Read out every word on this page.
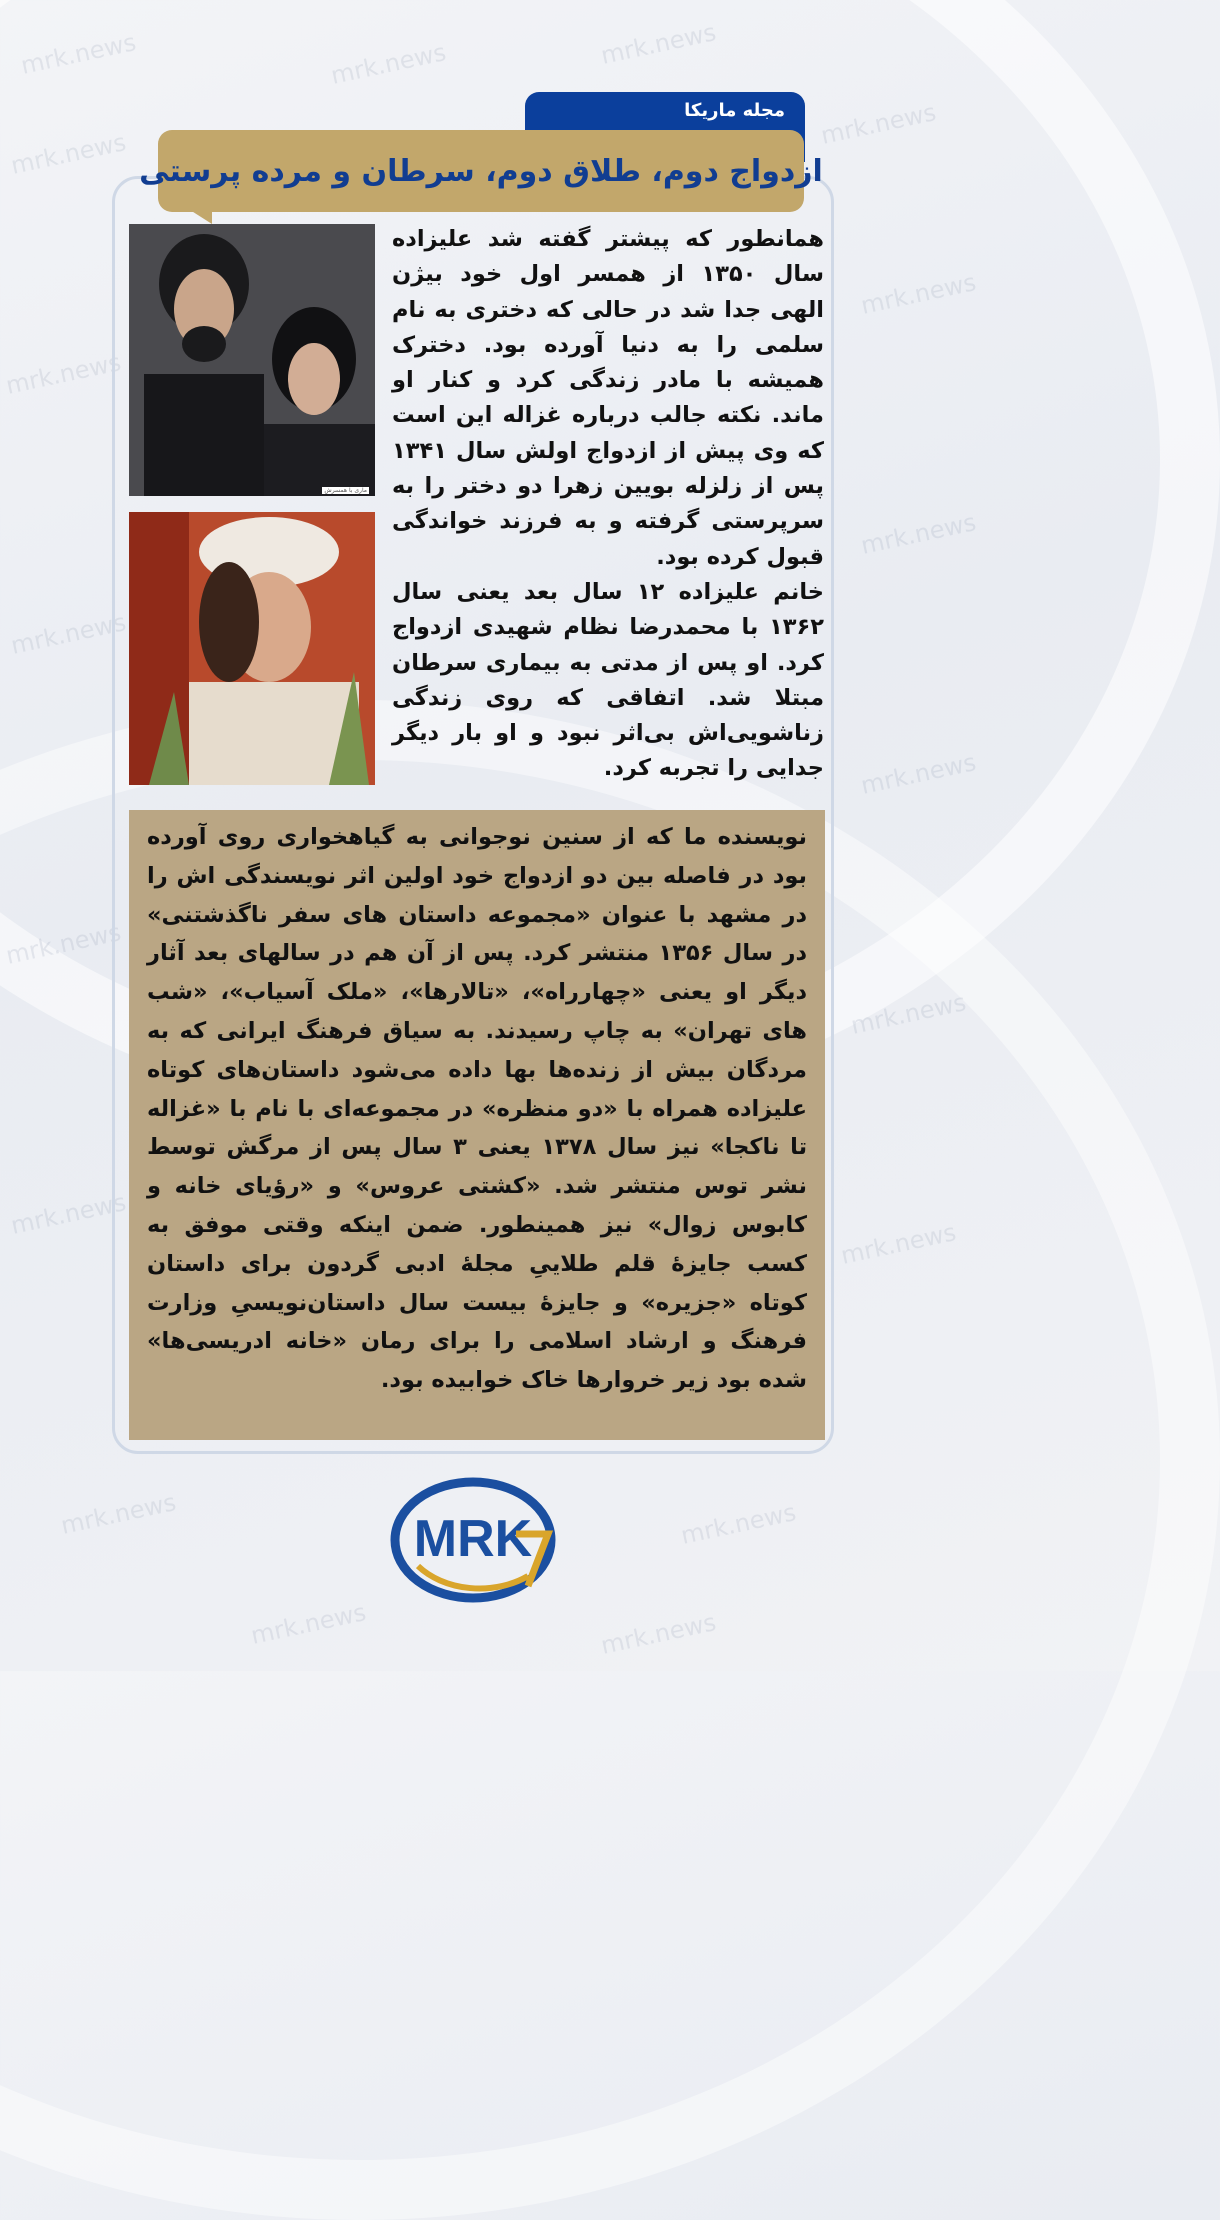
mrk.news	mrk.news	mrk.news
mrk.news
mrk.news
mrk.news
mrk.news
mrk.news
mrk.news
mrk.news
mrk.news
mrk.news
mrk.news
mrk.news
mrk.news	mrk.news
mrk.news	mrk.news
مجله ماریکا
ازدواج دوم، طلاق دوم، سرطان و مرده پرستی
ماری با همسرش

همانطور که پیشتر گفته شد علیزاده سال ۱۳۵۰ از همسر اول خود بیژن الهی جدا شد در حالی که دختری به نام سلمی را به دنیا آورده بود. دخترک همیشه با مادر زندگی کرد و کنار او ماند. نکته جالب درباره غزاله این است که وی پیش از ازدواج اولش سال ۱۳۴۱ پس از زلزله بویین زهرا دو دختر را به سرپرستی گرفته و به فرزند خواندگی قبول کرده بود.

خانم علیزاده ۱۲ سال بعد یعنی سال ۱۳۶۲ با محمدرضا نظام شهیدی ازدواج کرد. او پس از مدتی به بیماری سرطان مبتلا شد. اتفاقی که روی زندگی زناشویی‌اش بی‌اثر نبود و او بار دیگر جدایی را تجربه کرد.

نویسنده ما که از سنین نوجوانی به گیاهخواری روی آورده بود در فاصله بین دو ازدواج خود اولین اثر نویسندگی اش را در مشهد با عنوان «مجموعه داستان های سفر ناگذشتنی» در سال ۱۳۵۶ منتشر کرد. پس از آن هم در سالهای بعد آثار دیگر او یعنی «چهارراه»، «تالارها»، «ملک آسیاب»، «شب های تهران» به چاپ رسیدند. به سیاق فرهنگ ایرانی که به مردگان بیش از زنده‌ها بها داده می‌شود داستان‌های کوتاه علیزاده همراه با «دو منظره» در مجموعه‌ای با نام با «غزاله تا ناکجا» نیز سال ۱۳۷۸ یعنی ۳ سال پس از مرگش توسط نشر توس منتشر شد. «کشتی عروس» و «رؤیای خانه و کابوس زوال» نیز همینطور. ضمن اینکه وقتی موفق به کسب جایزهٔ قلم طلاییِ مجلهٔ ادبی گردون برای داستان کوتاه «جزیره» و جایزهٔ بیست سال داستان‌نویسیِ وزارت فرهنگ و ارشاد اسلامی را برای رمان «خانه ادریسی‌ها» شده بود زیر خروارها خاک خوابیده بود.

MRK
